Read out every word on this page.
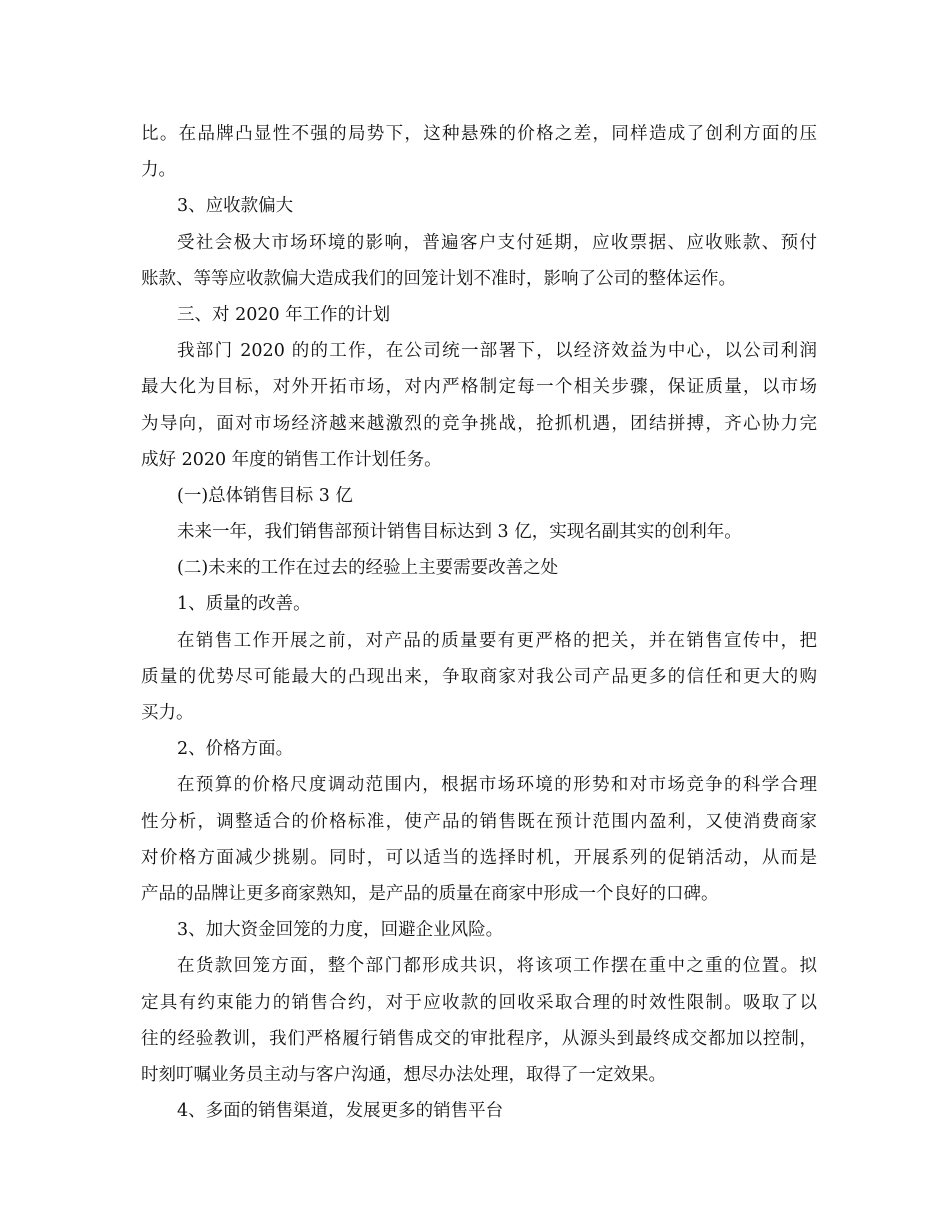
比。在品牌凸显性不强的局势下，这种悬殊的价格之差，同样造成了创利方面的压
力。
3、应收款偏大
受社会极大市场环境的影响，普遍客户支付延期，应收票据、应收账款、预付
账款、等等应收款偏大造成我们的回笼计划不准时，影响了公司的整体运作。
三、对 2020 年工作的计划
我部门 2020 的的工作，在公司统一部署下，以经济效益为中心，以公司利润
最大化为目标，对外开拓市场，对内严格制定每一个相关步骤，保证质量，以市场
为导向，面对市场经济越来越激烈的竞争挑战，抢抓机遇，团结拼搏，齐心协力完
成好 2020 年度的销售工作计划任务。
(一)总体销售目标 3 亿
未来一年，我们销售部预计销售目标达到 3 亿，实现名副其实的创利年。
(二)未来的工作在过去的经验上主要需要改善之处
1、质量的改善。
在销售工作开展之前，对产品的质量要有更严格的把关，并在销售宣传中，把
质量的优势尽可能最大的凸现出来，争取商家对我公司产品更多的信任和更大的购
买力。
2、价格方面。
在预算的价格尺度调动范围内，根据市场环境的形势和对市场竞争的科学合理
性分析，调整适合的价格标准，使产品的销售既在预计范围内盈利，又使消费商家
对价格方面减少挑剔。同时，可以适当的选择时机，开展系列的促销活动，从而是
产品的品牌让更多商家熟知，是产品的质量在商家中形成一个良好的口碑。
3、加大资金回笼的力度，回避企业风险。
在货款回笼方面，整个部门都形成共识，将该项工作摆在重中之重的位置。拟
定具有约束能力的销售合约，对于应收款的回收采取合理的时效性限制。吸取了以
往的经验教训，我们严格履行销售成交的审批程序，从源头到最终成交都加以控制，
时刻叮嘱业务员主动与客户沟通，想尽办法处理，取得了一定效果。
4、多面的销售渠道，发展更多的销售平台
